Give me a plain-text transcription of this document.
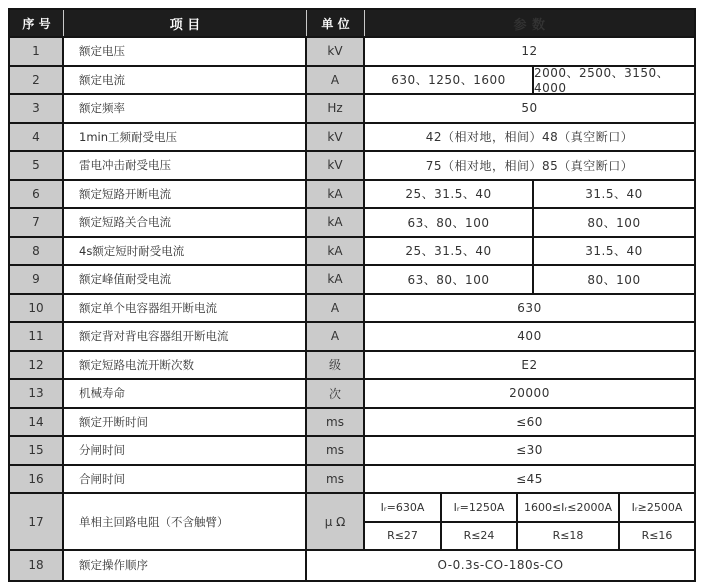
序 号	项 目	单 位	参 数
1	额定电压	kV	12
2	额定电流	A	630、1250、1600	2000、2500、3150、4000
3	额定频率	Hz	50
4	1min工频耐受电压	kV	42（相对地，相间）48（真空断口）
5	雷电冲击耐受电压	kV	75（相对地，相间）85（真空断口）
6	额定短路开断电流	kA	25、31.5、40	31.5、40
7	额定短路关合电流	kA	63、80、100	80、100
8	4s额定短时耐受电流	kA	25、31.5、40	31.5、40
9	额定峰值耐受电流	kA	63、80、100	80、100
10	额定单个电容器组开断电流	A	630
11	额定背对背电容器组开断电流	A	400
12	额定短路电流开断次数	级	E2
13	机械寿命	次	20000
14	额定开断时间	ms	≤60
15	分闸时间	ms	≤30
16	合闸时间	ms	≤45
17	单相主回路电阻（不含触臂）	μ Ω
Iᵣ=630A	Iᵣ=1250A	1600≤Iᵣ≤2000A	Iᵣ≥2500A
R≤27	R≤24	R≤18	R≤16
18	额定操作顺序	O-0.3s-CO-180s-CO
